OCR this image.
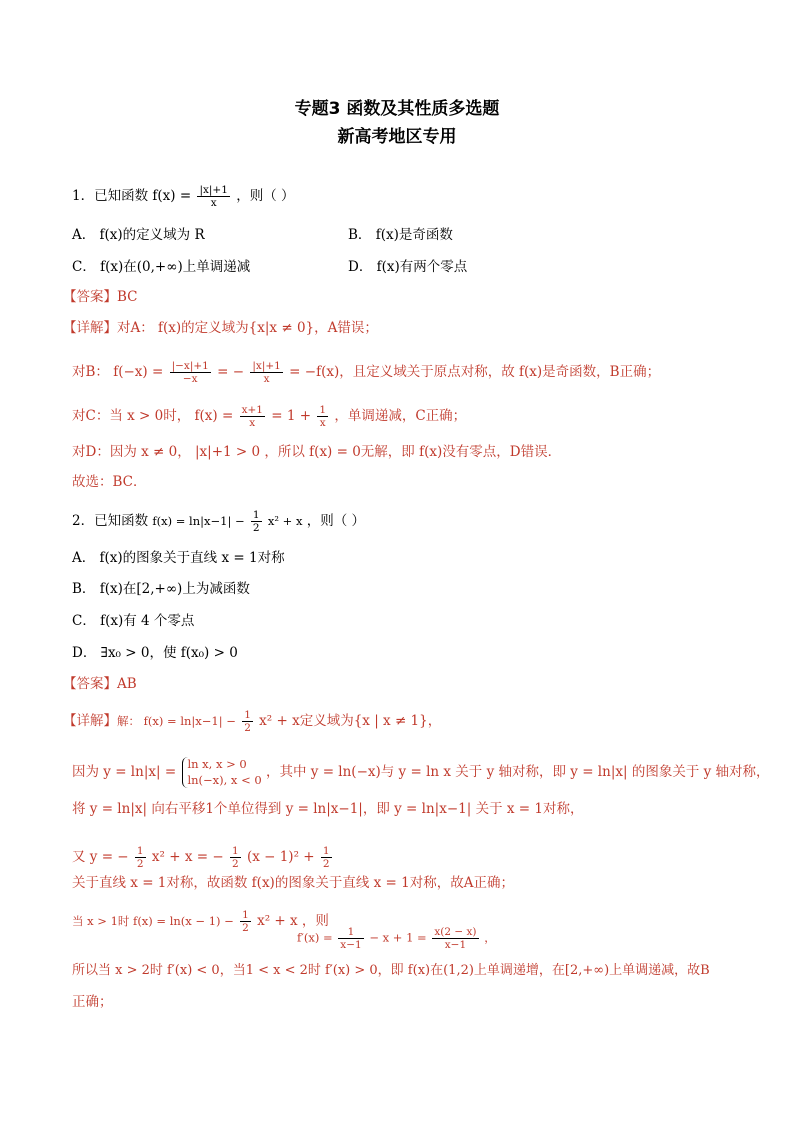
专题3 函数及其性质多选题
新高考地区专用
1．已知函数 $f(x) = \frac{|x|+1}{x}$ ，则（ ）
A． f(x)的定义域为 R	B． f(x)是奇函数
C． f(x)在(0,+∞)上单调递减	D． f(x)有两个零点
【答案】BC
【详解】对A： f(x)的定义域为{x|x ≠ 0}，A错误；
对B： $f(-x) = \frac{|-x|+1}{-x}$ = − $\frac{|x|+1}{x} = -f(x)$，且定义域关于原点对称，故 f(x)是奇函数，B正确；
对C：当 x > 0时， $f(x) = \frac{x+1}{x} = 1 + \frac{1}{x}$ ，单调递减，C正确；
对D：因为 x ≠ 0， |x|+1 > 0 ，所以 f(x) = 0无解，即 f(x)没有零点，D错误．
故选：BC．
2．已知函数 $f(x) = \ln|x-1| - \frac{1}{2} x^2 + x$ ，则（ ）
A． f(x)的图象关于直线 x = 1对称
B． f(x)在[2,+∞)上为减函数
C． f(x)有 4 个零点
D． ∃x₀ > 0，使 f(x₀) > 0
【答案】AB
【详解】解： $f(x) = \ln|x-1| - \frac{1}{2} x^2 + x$定义域为{x | x ≠ 1}，
因为 y = ln|x| =
ln x, x > 0
ln(−x), x < 0 ，其中 y = ln(−x)与 y = ln x 关于 y 轴对称，即 y = ln|x| 的图象关于 y 轴对称，
将 y = ln|x| 向右平移1个单位得到 y = ln|x−1|，即 y = ln|x−1| 关于 x = 1对称，
又 y = − $\frac{1}{2} x^2 + x$ = − $\frac{1}{2} (x - 1)^2 + \frac{1}{2}$
关于直线 x = 1对称，故函数 f(x)的图象关于直线 x = 1对称，故A正确；
当 x > 1时 $f(x) = \ln(x - 1) - \frac{1}{2} x^2 + x$ ，则
$f'(x) = \frac{1}{x-1} - x + 1 = \frac{x(2 - x)}{x-1}$ ，
所以当 x > 2时 f′(x) < 0，当1 < x < 2时 f′(x) > 0，即 f(x)在(1,2)上单调递增，在[2,+∞)上单调递减，故B
正确；
